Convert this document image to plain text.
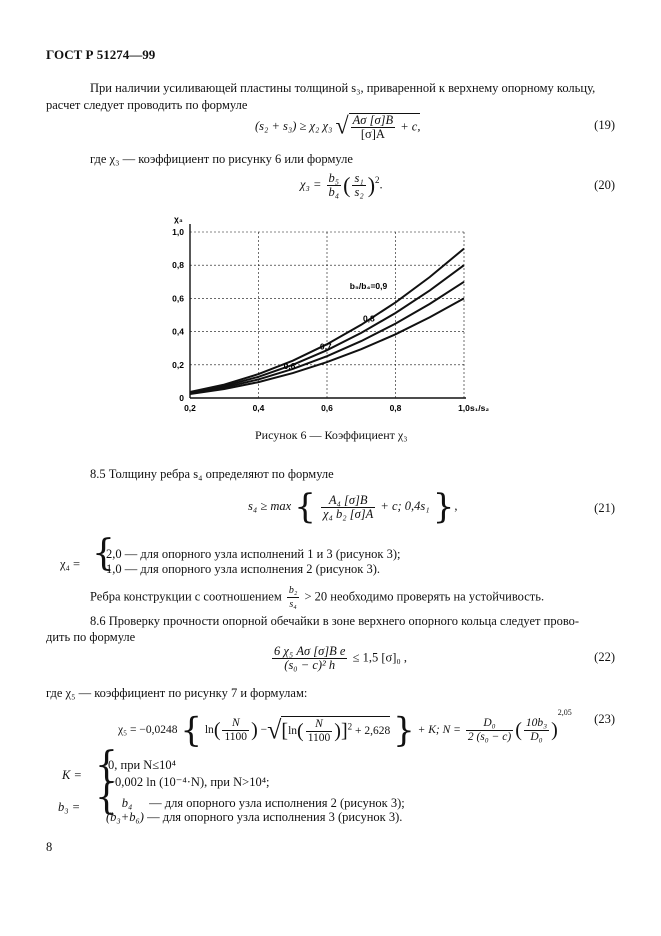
ГОСТ Р 51274—99
При наличии усиливающей пластины толщиной s₃, приваренной к верхнему опорному кольцу,
расчет следует проводить по формуле
(s₂ + s₃) ≥ χ₂ χ₃ √ $\frac{A\sigma [\sigma]В}{[\sigma]А} + c$,	(19)
где χ₃ — коэффициент по рисунку 6 или формуле
$\chi_3 = \frac{\text{b₅}}{\text{b₄}}$ ( $\frac{\text{s₁}}{\text{s₂}} )^2$.	(20)
0,2	0,4	0,6	0,8	1,0
0
0,2
0,4
0,6
0,8
1,0
χ₃
s₁/s₂
0,6
0,7
0,8
b₅/b₄=0,9
Рисунок 6 — Коэффициент χ₃
8.5 Толщину ребра s₄ определяют по формуле
s₄ ≥ max { $\frac{\text{A₄ [σ]В}}{\text{χ₄ b₂ [σ]А}} + c$; 0,4s₁ },	(21)
χ₄ = {
2,0 — для опорного узла исполнений 1 и 3 (рисунок 3);
1,0 — для опорного узла исполнения 2 (рисунок 3).
Ребра конструкции с соотношением $\frac{\text{b₂}}{\text{s₄}} > 20$ необходимо проверять на устойчивость.
8.6 Проверку прочности опорной обечайки в зоне верхнего опорного кольца следует прово-
дить по формуле
$\frac{\text{6 χ₅ Aσ [σ]В e}}{\text{(s₀ − c)² h}} \le 1,5$ [σ]₀ ,	(22)
где χ₅ — коэффициент по рисунку 7 и формулам:
χ₅ = −0,0248 { $\ln( \frac{N}{1100}$ ) $-√[\ln( \frac{N}{1100} )]^2 + 2,628$ } + K; $N = \frac{\text{D₀}}{\text{2 (s₀ − c)}}$ ( $\frac{\text{10b₃}}{\text{D₀}} )^{2,05}$ (23)
K = {
0, при N≤10⁴
−0,002 ln (10⁻⁴·N), при N>10⁴;
b₃ = { b₄ — для опорного узла исполнения 2 (рисунок 3);
(b₃+b₆) — для опорного узла исполнения 3 (рисунок 3).
8
